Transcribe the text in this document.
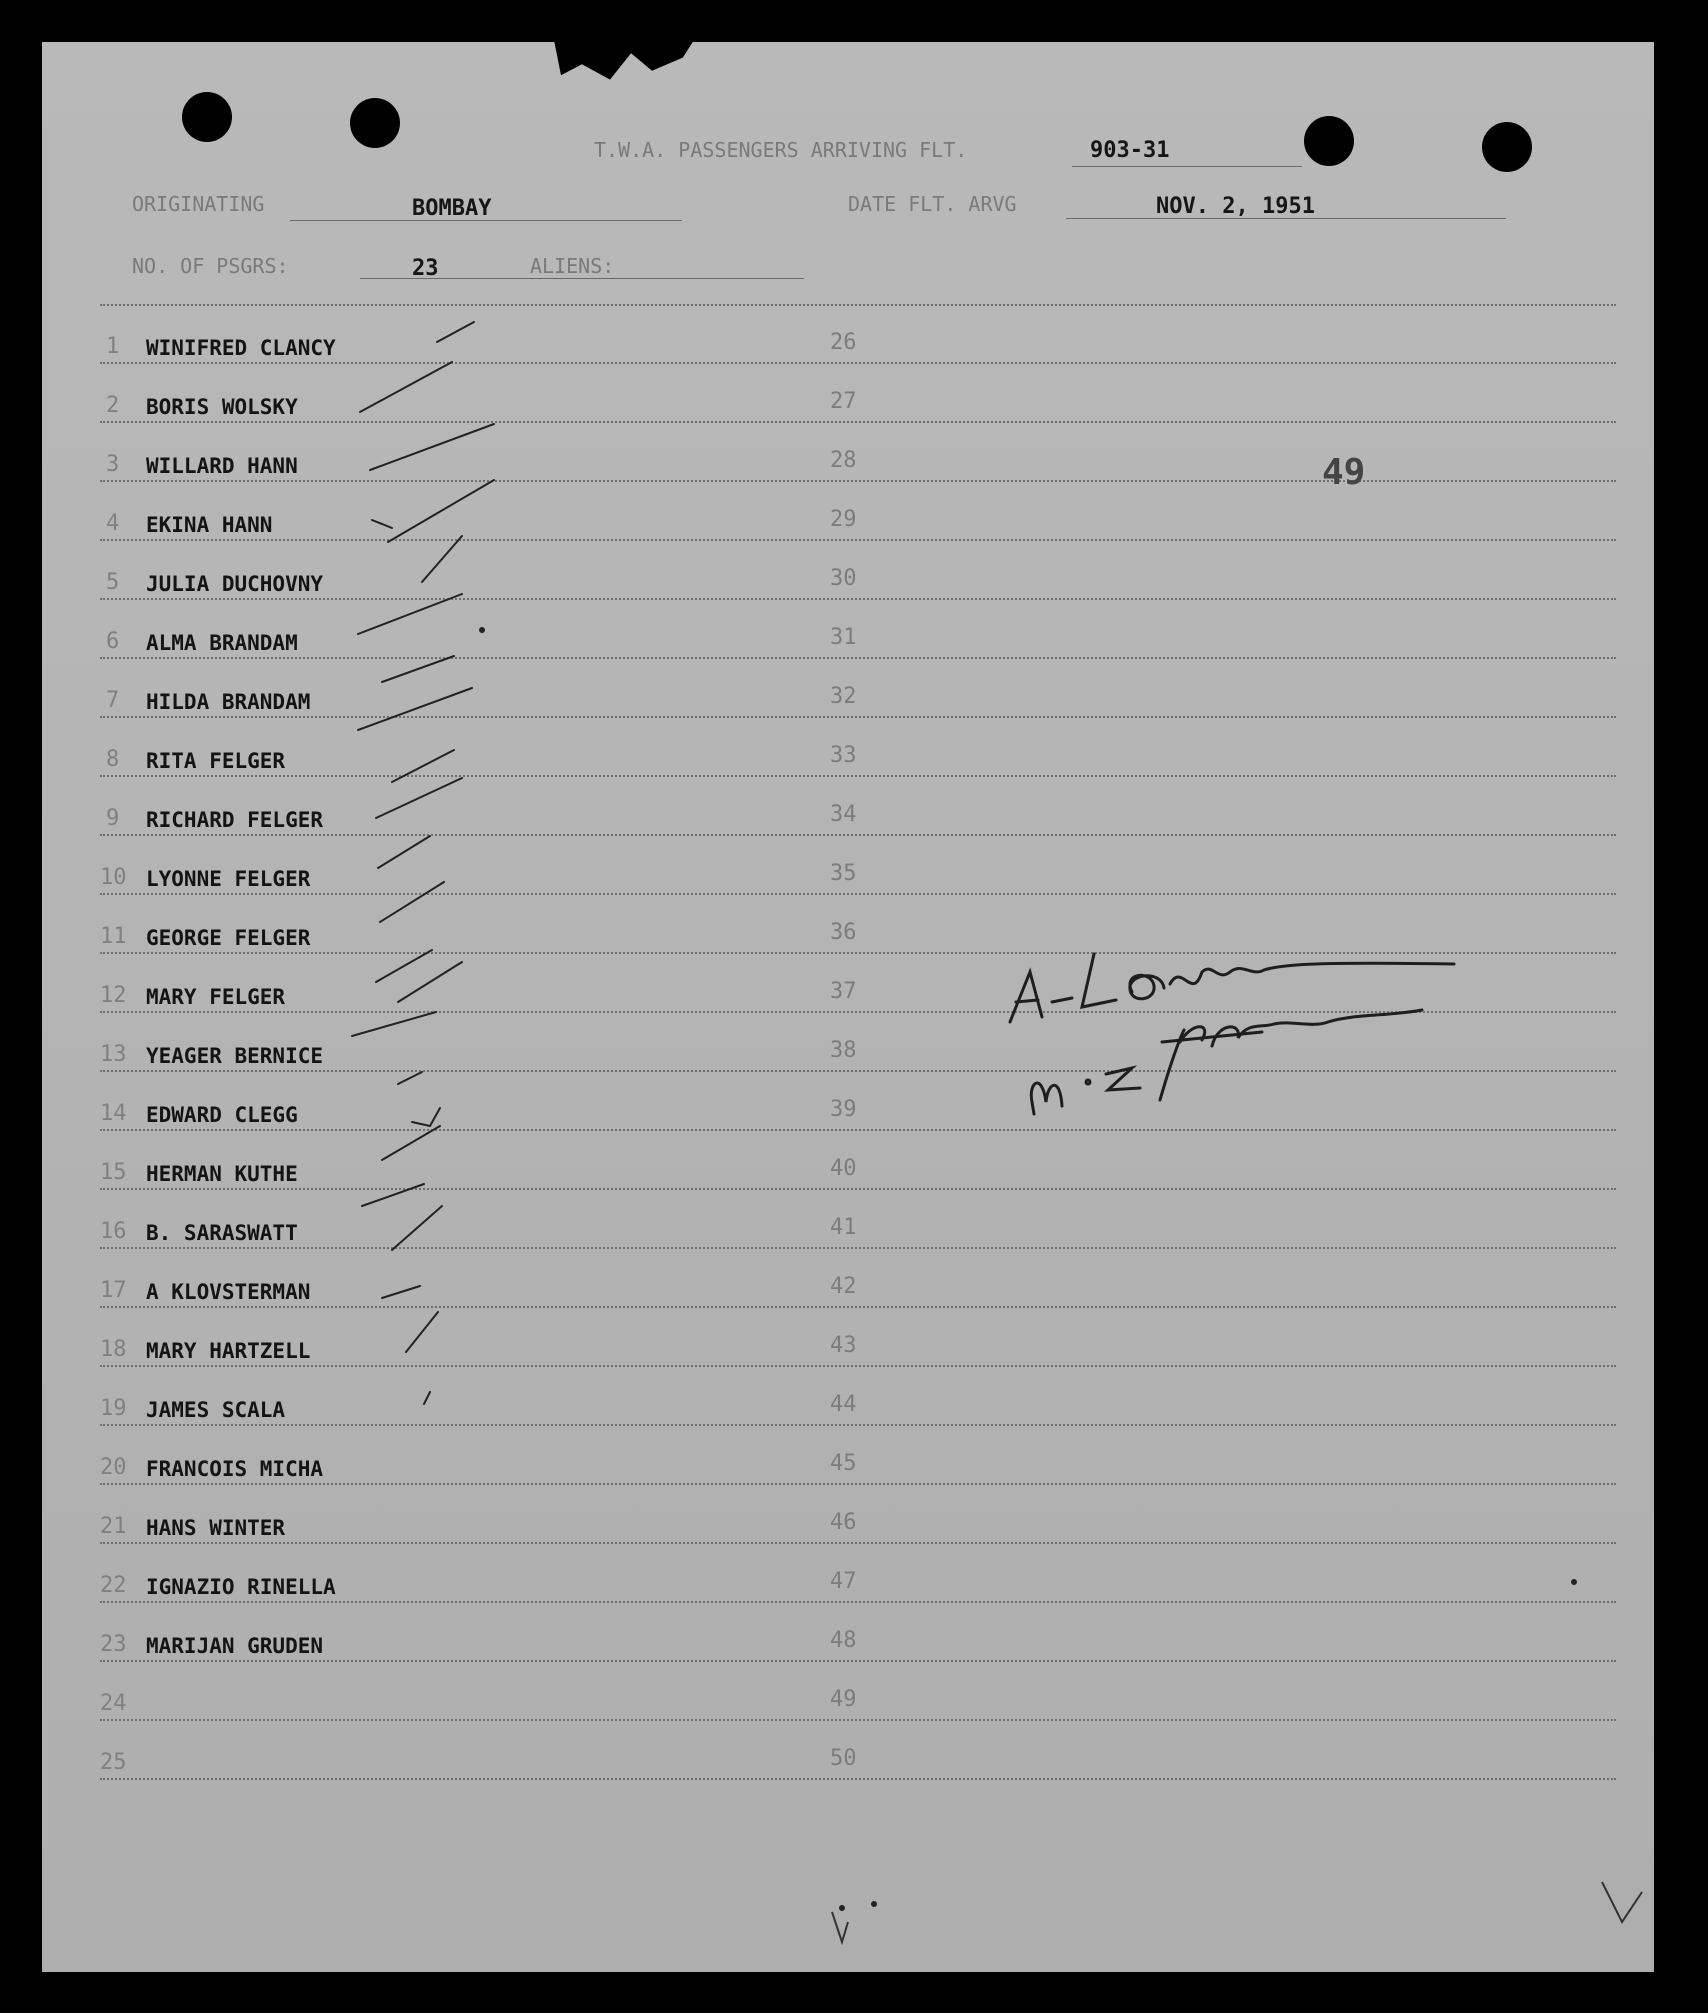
T.W.A. PASSENGERS ARRIVING FLT.	903-31
ORIGINATING	BOMBAY	DATE FLT. ARVG	NOV. 2, 1951
NO. OF PSGRS:	23	ALIENS:
1 WINIFRED CLANCY	26
2 BORIS WOLSKY	27
3 WILLARD HANN	28
4 EKINA HANN	29
5 JULIA DUCHOVNY	30
6 ALMA BRANDAM	31
7 HILDA BRANDAM	32
8 RITA FELGER	33
9 RICHARD FELGER	34
10 LYONNE FELGER	35
11 GEORGE FELGER	36
12 MARY FELGER	37
13 YEAGER BERNICE	38
14 EDWARD CLEGG	39
15 HERMAN KUTHE	40
16 B. SARASWATT	41
17 A KLOVSTERMAN	42
18 MARY HARTZELL	43
19 JAMES SCALA	44
20 FRANCOIS MICHA	45
21 HANS WINTER	46
22 IGNAZIO RINELLA	47
23 MARIJAN GRUDEN	48
24	49
25	50
49
